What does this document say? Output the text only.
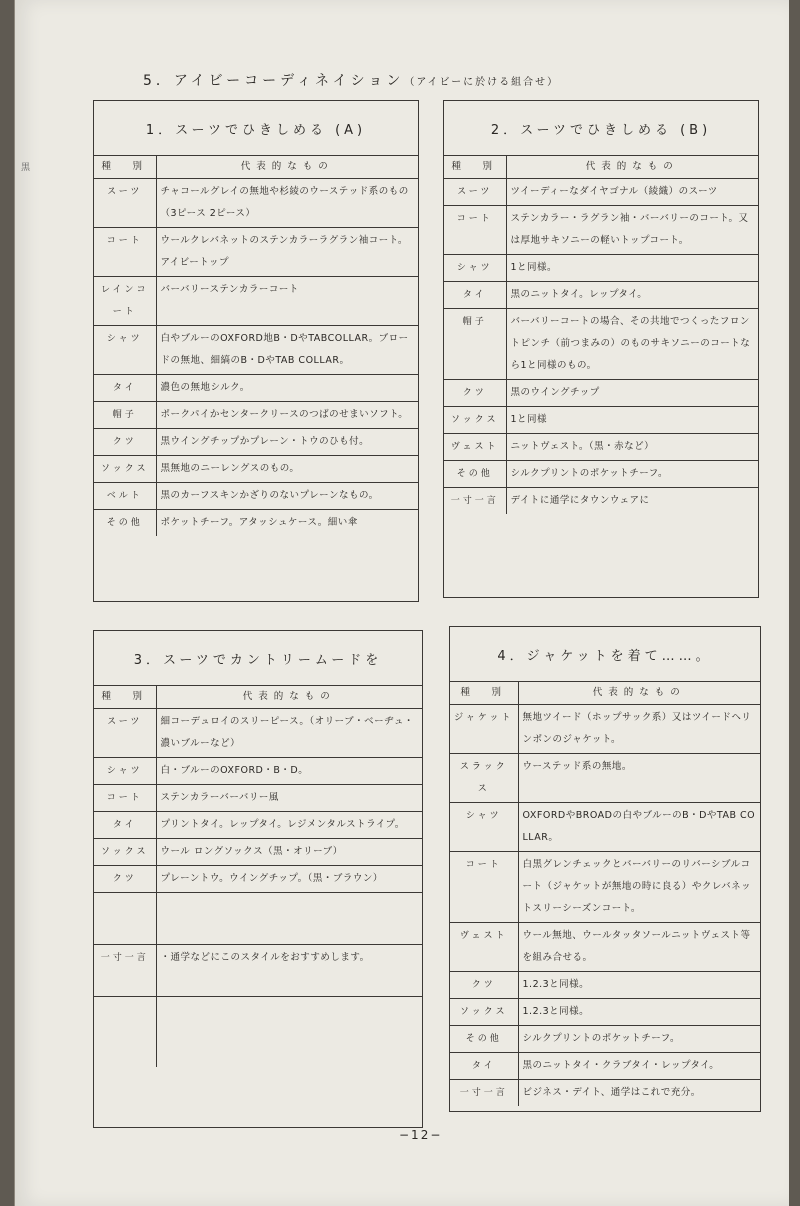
黒
5．アイビーコーディネイション（アイビーに於ける組合せ）
1．スーツでひきしめる (A)
種　別	代表的なもの
スーツ	チャコールグレイの無地や杉綾のウーステッド系のもの（3ピース 2ピース）
コート	ウールクレバネットのステンカラーラグラン袖コート。アイビートップ
レインコート	バーバリーステンカラーコート
シャツ	白やブルーのOXFORD地B・DやTABCOLLAR。ブロードの無地、細縞のB・DやTAB COLLAR。
タイ	濃色の無地シルク。
帽子	ポークパイかセンタークリースのつばのせまいソフト。
クツ	黒ウイングチップかプレーン・トウのひも付。
ソックス	黒無地のニーレングスのもの。
ベルト	黒のカーフスキンかざりのないプレーンなもの。
その他	ポケットチーフ。アタッシュケース。細い傘
2．スーツでひきしめる (B)
種　別	代表的なもの
スーツ	ツイーディーなダイヤゴナル（綾織）のスーツ
コート	ステンカラー・ラグラン袖・バーバリーのコート。又は厚地サキソニーの軽いトップコート。
シャツ	1と同様。
タイ	黒のニットタイ。レップタイ。
帽子	バーバリーコートの場合、その共地でつくったフロントピンチ（前つまみの）のものサキソニーのコートなら1と同様のもの。
クツ	黒のウイングチップ
ソックス	1と同様
ヴェスト	ニットヴェスト。（黒・赤など）
その他	シルクプリントのポケットチーフ。
一寸一言	デイトに通学にタウンウェアに
3．スーツでカントリームードを
種　別	代表的なもの
スーツ	細コーデュロイのスリーピース。（オリーブ・ベーヂュ・濃いブルーなど）
シャツ	白・ブルーのOXFORD・B・D。
コート	ステンカラーバーバリー風
タイ	プリントタイ。レップタイ。レジメンタルストライプ。
ソックス	ウール ロングソックス（黒・オリーブ）
クツ	プレーントウ。ウイングチップ。（黒・ブラウン）

一寸一言	・通学などにこのスタイルをおすすめします。

4．ジャケットを着て……。
種　別	代表的なもの
ジャケット	無地ツイード（ホップサック系）又はツイードヘリンボンのジャケット。
スラックス	ウーステッド系の無地。
シャツ	OXFORDやBROADの白やブルーのB・DやTAB COLLAR。
コート	白黒グレンチェックとバーバリーのリバーシブルコート（ジャケットが無地の時に良る）やクレバネットスリーシーズンコート。
ヴェスト	ウール無地、ウールタッタソールニットヴェスト等を組み合せる。
クツ	1.2.3と同様。
ソックス	1.2.3と同様。
その他	シルクプリントのポケットチーフ。
タイ	黒のニットタイ・クラブタイ・レップタイ。
一寸一言	ビジネス・デイト、通学はこれで充分。
−12−
